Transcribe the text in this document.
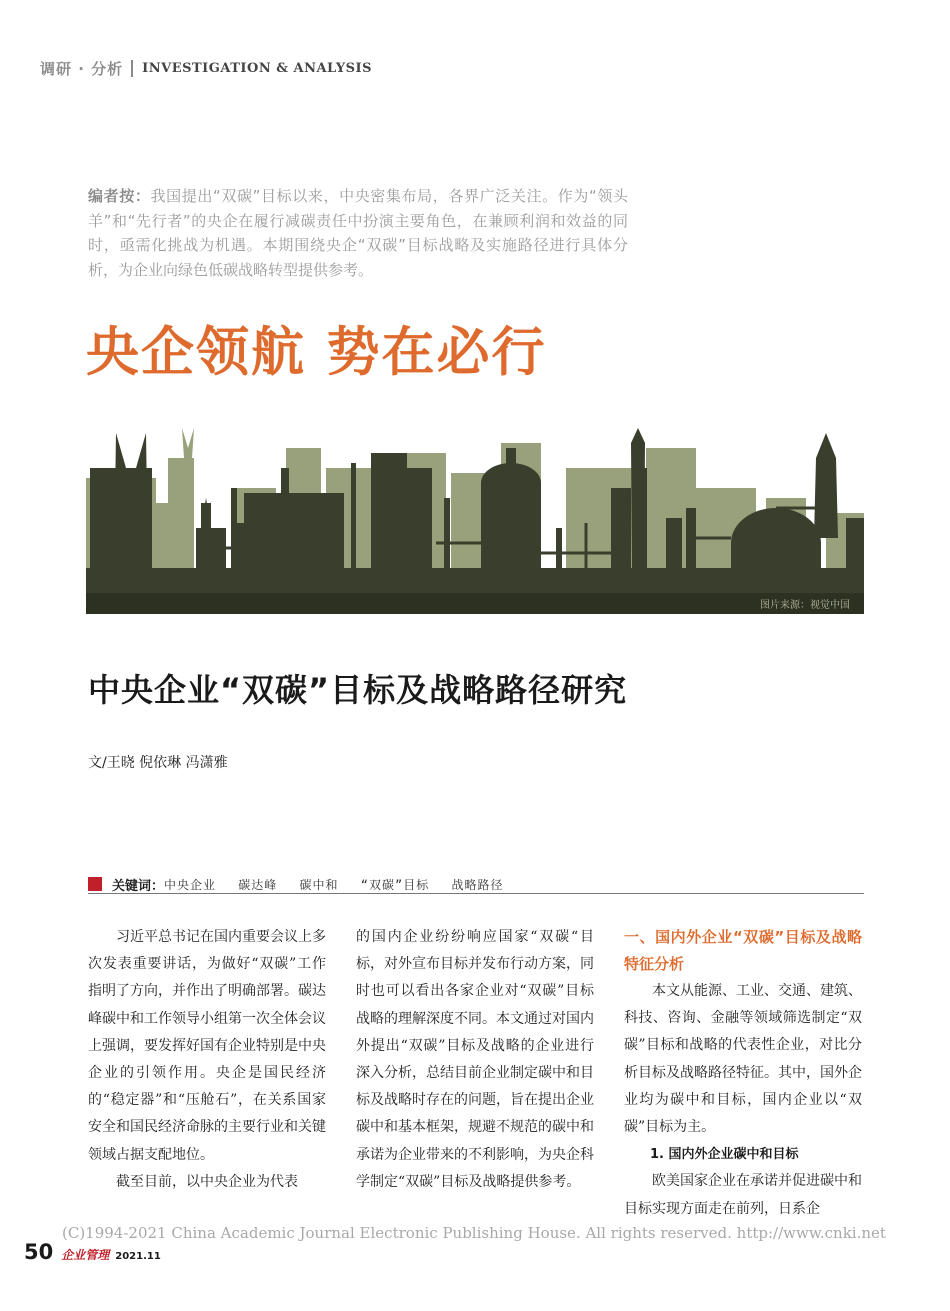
调研 · 分析 INVESTIGATION & ANALYSIS
编者按：我国提出“双碳”目标以来，中央密集布局，各界广泛关注。作为“领头羊”和“先行者”的央企在履行减碳责任中扮演主要角色，在兼顾利润和效益的同时，亟需化挑战为机遇。本期围绕央企“双碳”目标战略及实施路径进行具体分析，为企业向绿色低碳战略转型提供参考。
央企领航 势在必行
图片来源：视觉中国
中央企业“双碳”目标及战略路径研究
文/王晓 倪依琳 冯潇雅
关键词： 中央企业 碳达峰 碳中和 “双碳”目标 战略路径

习近平总书记在国内重要会议上多次发表重要讲话，为做好“双碳”工作指明了方向，并作出了明确部署。碳达峰碳中和工作领导小组第一次全体会议上强调，要发挥好国有企业特别是中央企业的引领作用。央企是国民经济的“稳定器”和“压舱石”，在关系国家安全和国民经济命脉的主要行业和关键领域占据支配地位。

截至目前，以中央企业为代表

的国内企业纷纷响应国家“双碳“目标，对外宣布目标并发布行动方案，同时也可以看出各家企业对“双碳”目标战略的理解深度不同。本文通过对国内外提出“双碳”目标及战略的企业进行深入分析，总结目前企业制定碳中和目标及战略时存在的问题，旨在提出企业碳中和基本框架，规避不规范的碳中和承诺为企业带来的不利影响，为央企科学制定“双碳”目标及战略提供参考。

一、国内外企业“双碳”目标及战略特征分析

本文从能源、工业、交通、建筑、科技、咨询、金融等领域筛选制定“双碳”目标和战略的代表性企业，对比分析目标及战略路径特征。其中，国外企业均为碳中和目标，国内企业以“双碳”目标为主。

1. 国内外企业碳中和目标

欧美国家企业在承诺并促进碳中和目标实现方面走在前列，日系企

(C)1994-2021 China Academic Journal Electronic Publishing House. All rights reserved. http://www.cnki.net
50 企业管理 2021.11
